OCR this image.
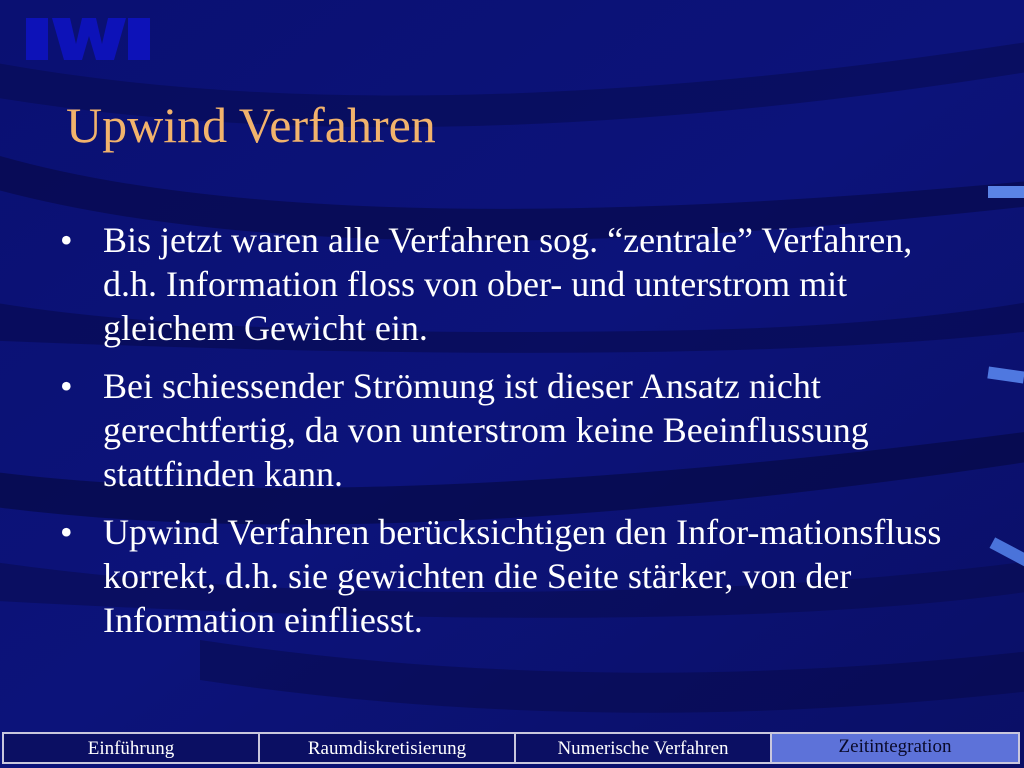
Upwind Verfahren
• Bis jetzt waren alle Verfahren sog. “zentrale” Verfahren, d.h. Information floss von ober- und unterstrom mit gleichem Gewicht ein.
• Bei schiessender Strömung ist dieser Ansatz nicht gerechtfertig, da von unterstrom keine Beeinflussung stattfinden kann.
• Upwind Verfahren berücksichtigen den Infor-mationsfluss korrekt, d.h. sie gewichten die Seite stärker, von der Information einfliesst.
Einführung	Raumdiskretisierung	Numerische Verfahren	Zeitintegration
